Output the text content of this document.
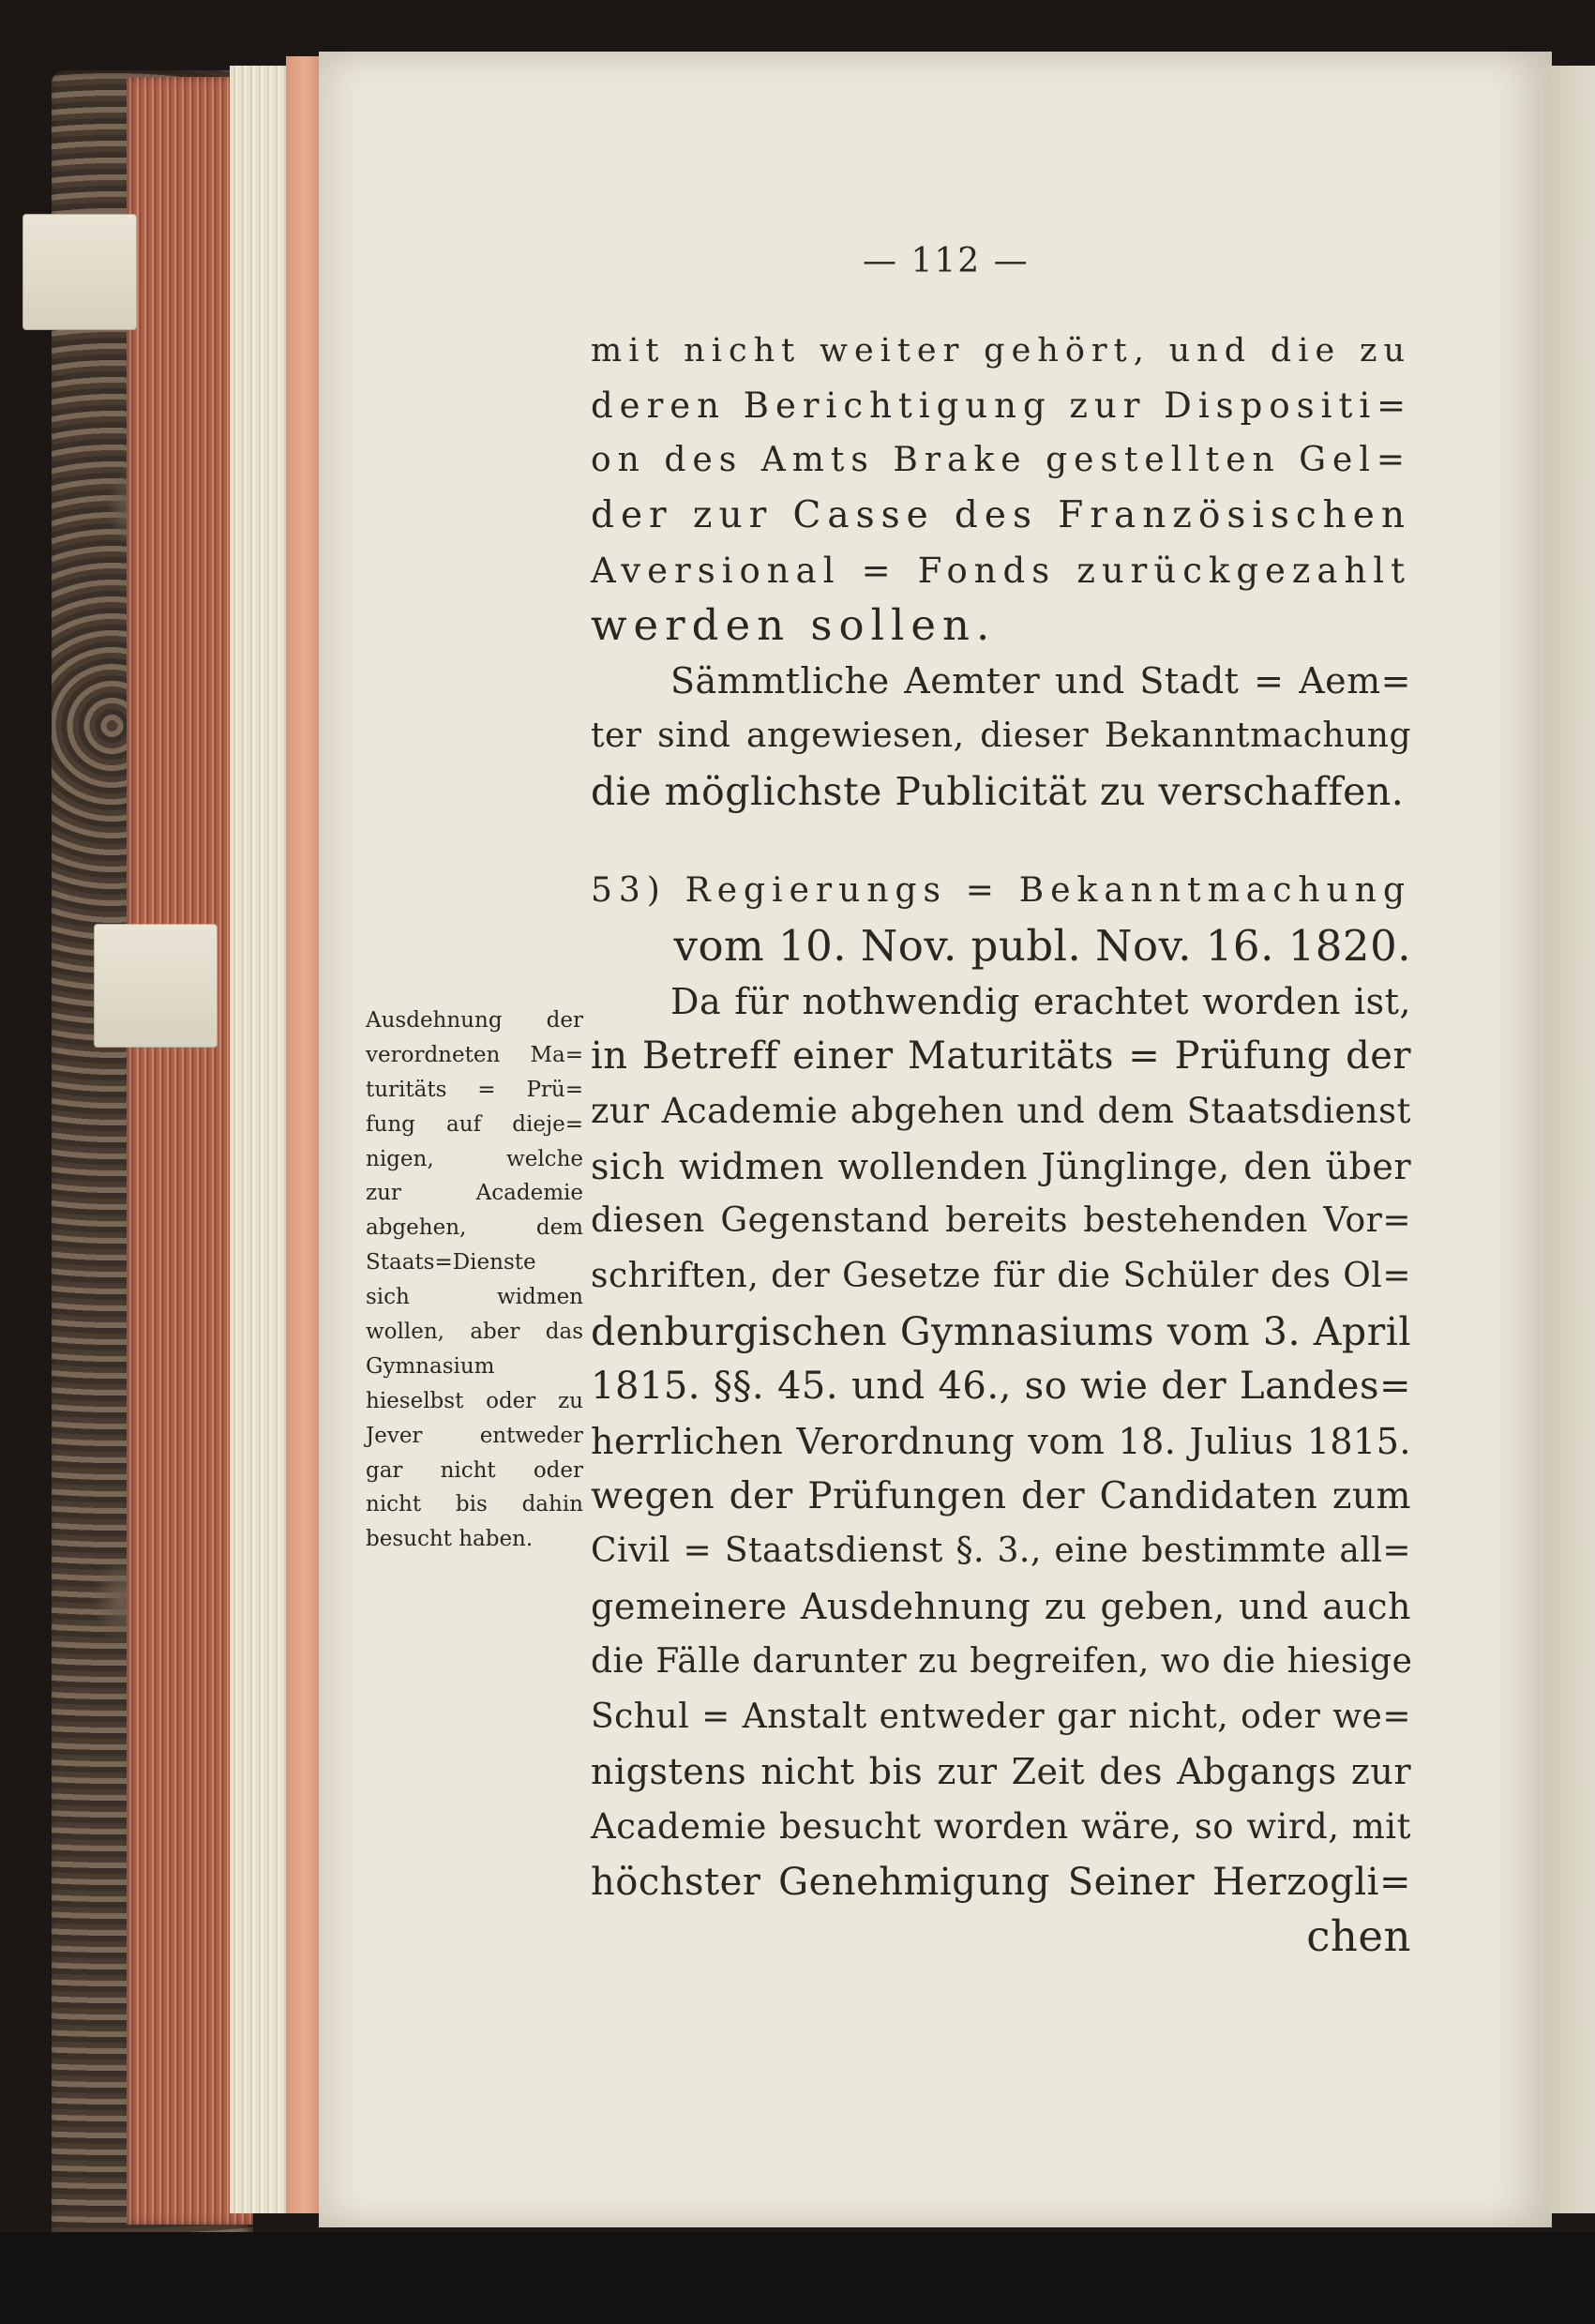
— 112 —
mit nicht weiter gehört, und die zu
deren Berichtigung zur Dispositi=
on des Amts Brake gestellten Gel=
der zur Casse des Französischen
Aversional = Fonds zurückgezahlt
werden sollen.
Sämmtliche Aemter und Stadt = Aem=
ter sind angewiesen, dieser Bekanntmachung
die möglichste Publicität zu verschaffen.
53) Regierungs = Bekanntmachung
vom 10. Nov. publ. Nov. 16. 1820.
Da für nothwendig erachtet worden ist,
in Betreff einer Maturitäts = Prüfung der
zur Academie abgehen und dem Staatsdienst
sich widmen wollenden Jünglinge, den über
diesen Gegenstand bereits bestehenden Vor=
schriften, der Gesetze für die Schüler des Ol=
denburgischen Gymnasiums vom 3. April
1815. §§. 45. und 46., so wie der Landes=
herrlichen Verordnung vom 18. Julius 1815.
wegen der Prüfungen der Candidaten zum
Civil = Staatsdienst §. 3., eine bestimmte all=
gemeinere Ausdehnung zu geben, und auch
die Fälle darunter zu begreifen, wo die hiesige
Schul = Anstalt entweder gar nicht, oder we=
nigstens nicht bis zur Zeit des Abgangs zur
Academie besucht worden wäre, so wird, mit
höchster Genehmigung Seiner Herzogli=
chen
Ausdehnung der
verordneten Ma=
turitäts = Prü=
fung auf dieje=
nigen, welche
zur Academie
abgehen, dem
Staats=Dienste
sich widmen
wollen, aber das
Gymnasium
hieselbst oder zu
Jever entweder
gar nicht oder
nicht bis dahin
besucht haben.
